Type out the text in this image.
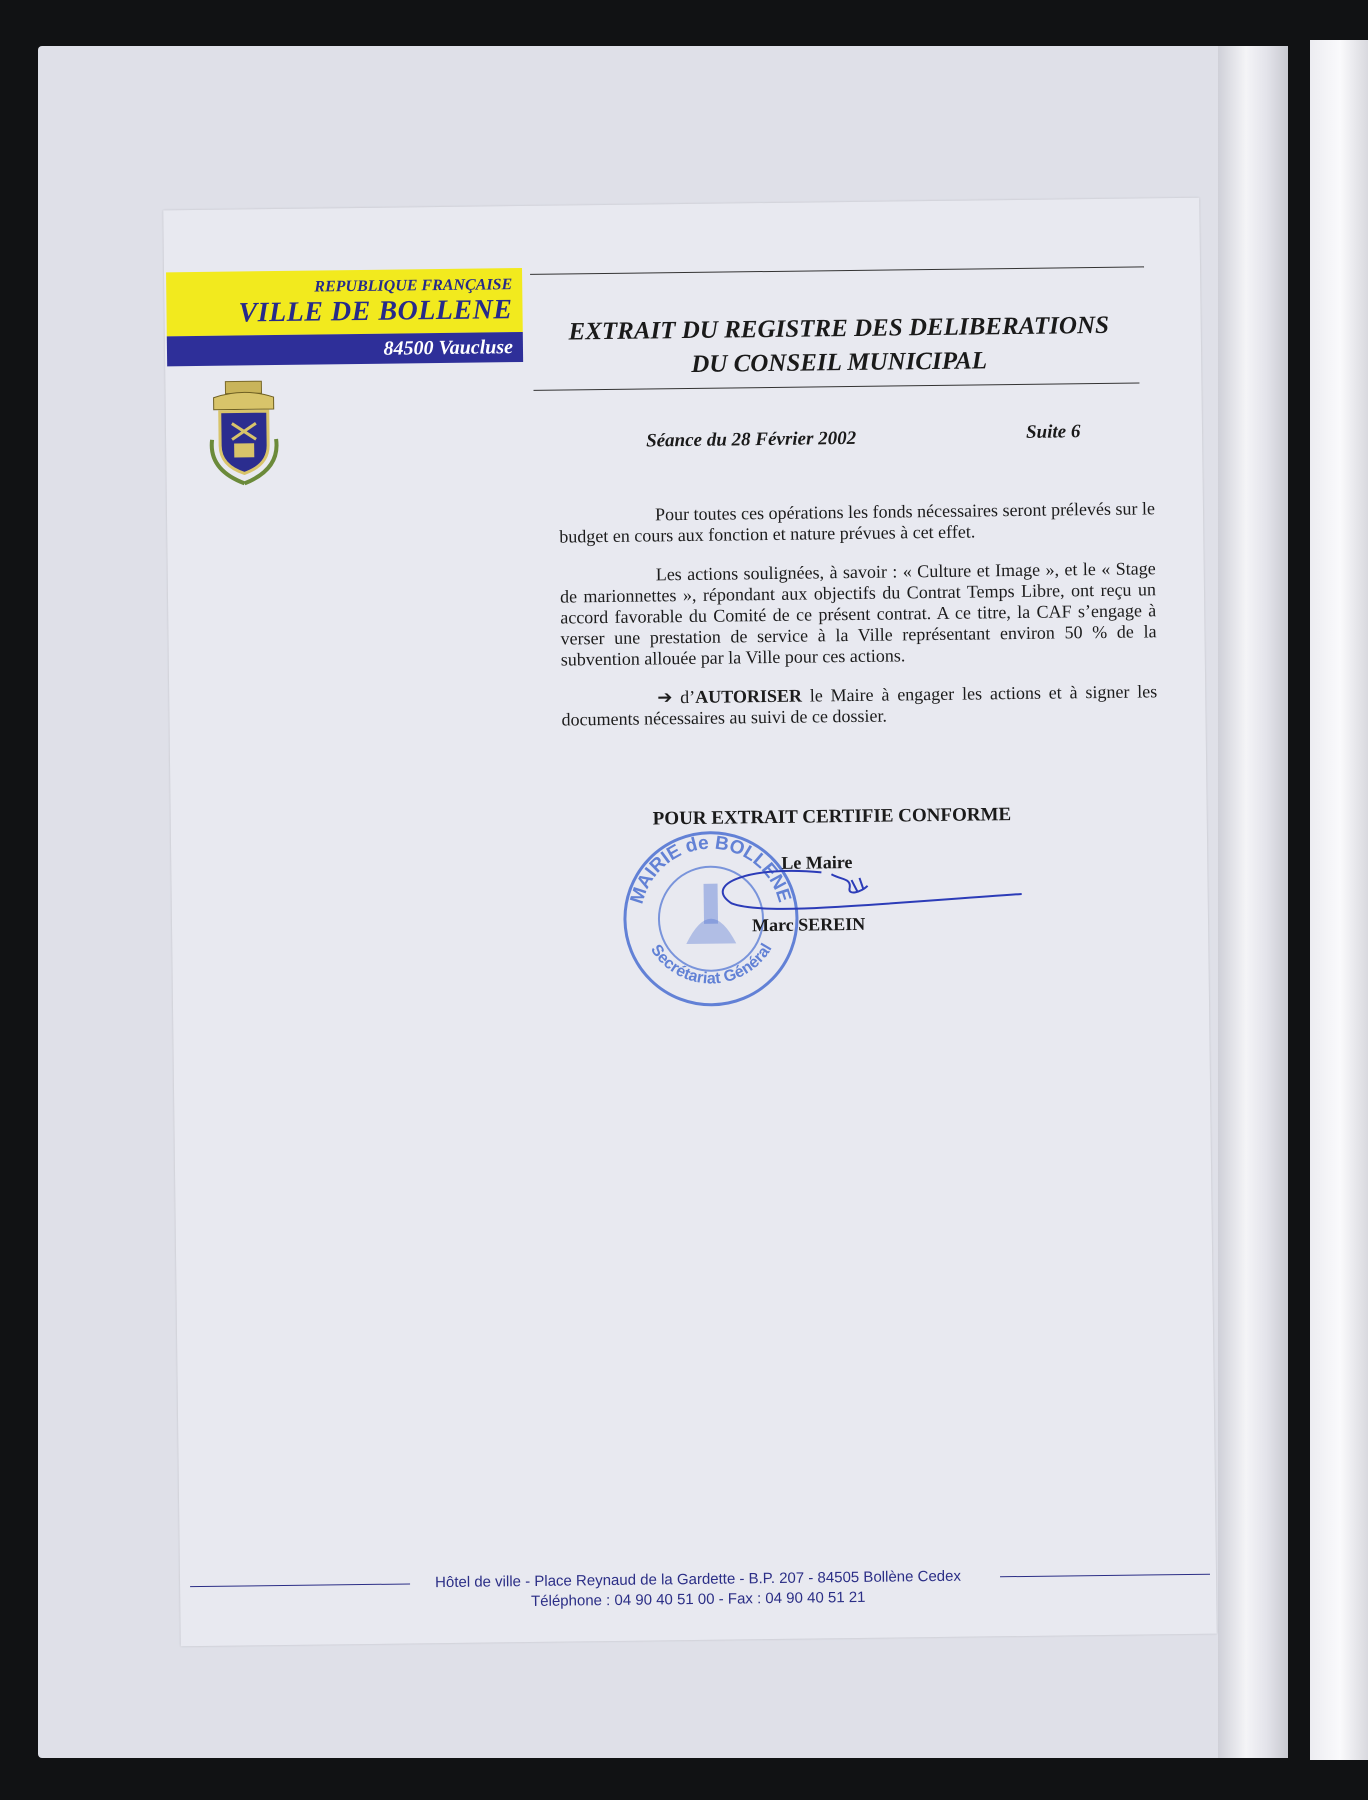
REPUBLIQUE FRANÇAISE
VILLE DE BOLLENE
84500 Vaucluse
EXTRAIT DU REGISTRE DES DELIBERATIONS
DU CONSEIL MUNICIPAL
Séance du 28 Février 2002	Suite 6

Pour toutes ces opérations les fonds nécessaires seront prélevés sur le budget en cours aux fonction et nature prévues à cet effet.

Les actions soulignées, à savoir : « Culture et Image », et le « Stage de marionnettes », répondant aux objectifs du Contrat Temps Libre, ont reçu un accord favorable du Comité de ce présent contrat. A ce titre, la CAF s’engage à verser une prestation de service à la Ville représentant environ 50 % de la subvention allouée par la Ville pour ces actions.

➔ d’AUTORISER le Maire à engager les actions et à signer les documents nécessaires au suivi de ce dossier.

POUR EXTRAIT CERTIFIE CONFORME
MAIRIE de BOLLENE
Secrétariat Général
Le Maire
Marc SEREIN
Hôtel de ville - Place Reynaud de la Gardette - B.P. 207 - 84505 Bollène Cedex
Téléphone : 04 90 40 51 00 - Fax : 04 90 40 51 21
